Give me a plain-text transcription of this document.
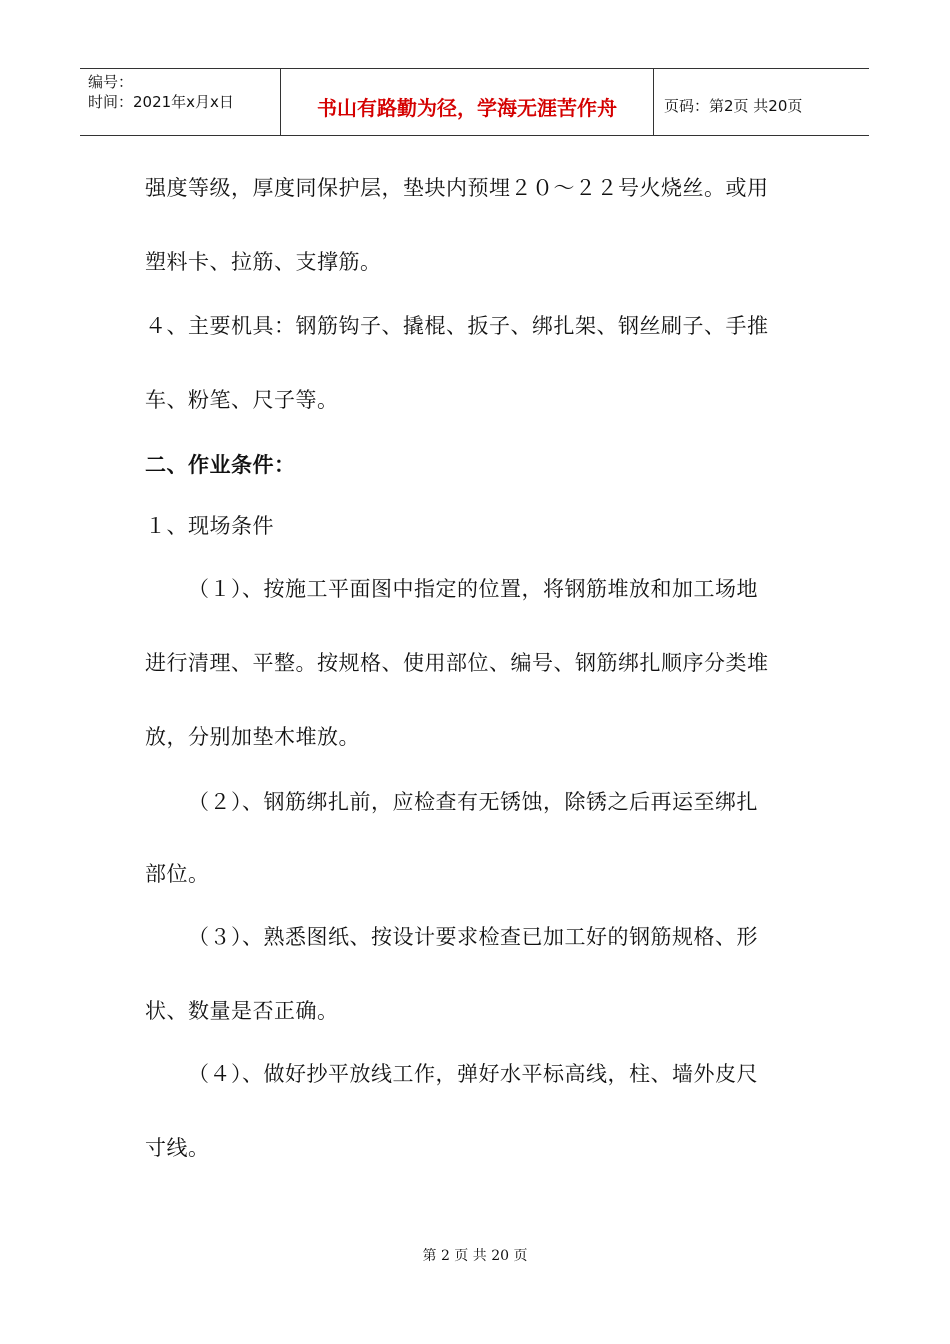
编号：
时间：2021年x月x日	书山有路勤为径，学海无涯苦作舟	页码：第2页 共20页
强度等级，厚度同保护层，垫块内预埋２０～２２号火烧丝。或用
塑料卡、拉筋、支撑筋。
４、主要机具：钢筋钩子、撬棍、扳子、绑扎架、钢丝刷子、手推
车、粉笔、尺子等。
二、作业条件：
１、现场条件
（１）、按施工平面图中指定的位置，将钢筋堆放和加工场地
进行清理、平整。按规格、使用部位、编号、钢筋绑扎顺序分类堆
放，分别加垫木堆放。
（２）、钢筋绑扎前，应检查有无锈蚀，除锈之后再运至绑扎
部位。
（３）、熟悉图纸、按设计要求检查已加工好的钢筋规格、形
状、数量是否正确。
（４）、做好抄平放线工作，弹好水平标高线，柱、墙外皮尺
寸线。
第 2 页 共 20 页
